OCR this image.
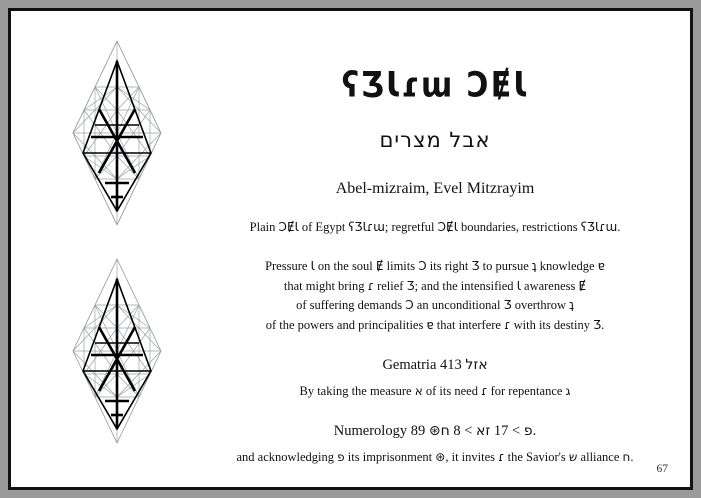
ʕƷƖɾɯ ƆɆƖ
אבל מצרים
Abel-mizraim, Evel Mitzrayim
Plain ƆɆƖ of Egypt ʕƷƖɾɯ; regretful ƆɆƖ boundaries, restrictions ʕƷƖɾɯ.
Pressure Ɩ on the soul Ɇ limits Ɔ its right Ʒ to pursue ʇ knowledge ɐ
that might bring ɾ relief Ʒ; and the intensified Ɩ awareness Ɇ
of suffering demands Ɔ an unconditional Ʒ overthrow ʇ
of the powers and principalities ɐ that interfere ɾ with its destiny Ʒ.
Gematria 413 אזל
By taking the measure א of its need ɾ for repentance ג
Numerology 89 ⊛פ > 17 זא > 8 ח	.
and acknowledging פ its imprisonment ⊛, it invites ɾ the Savior's ש alliance ח.
67
